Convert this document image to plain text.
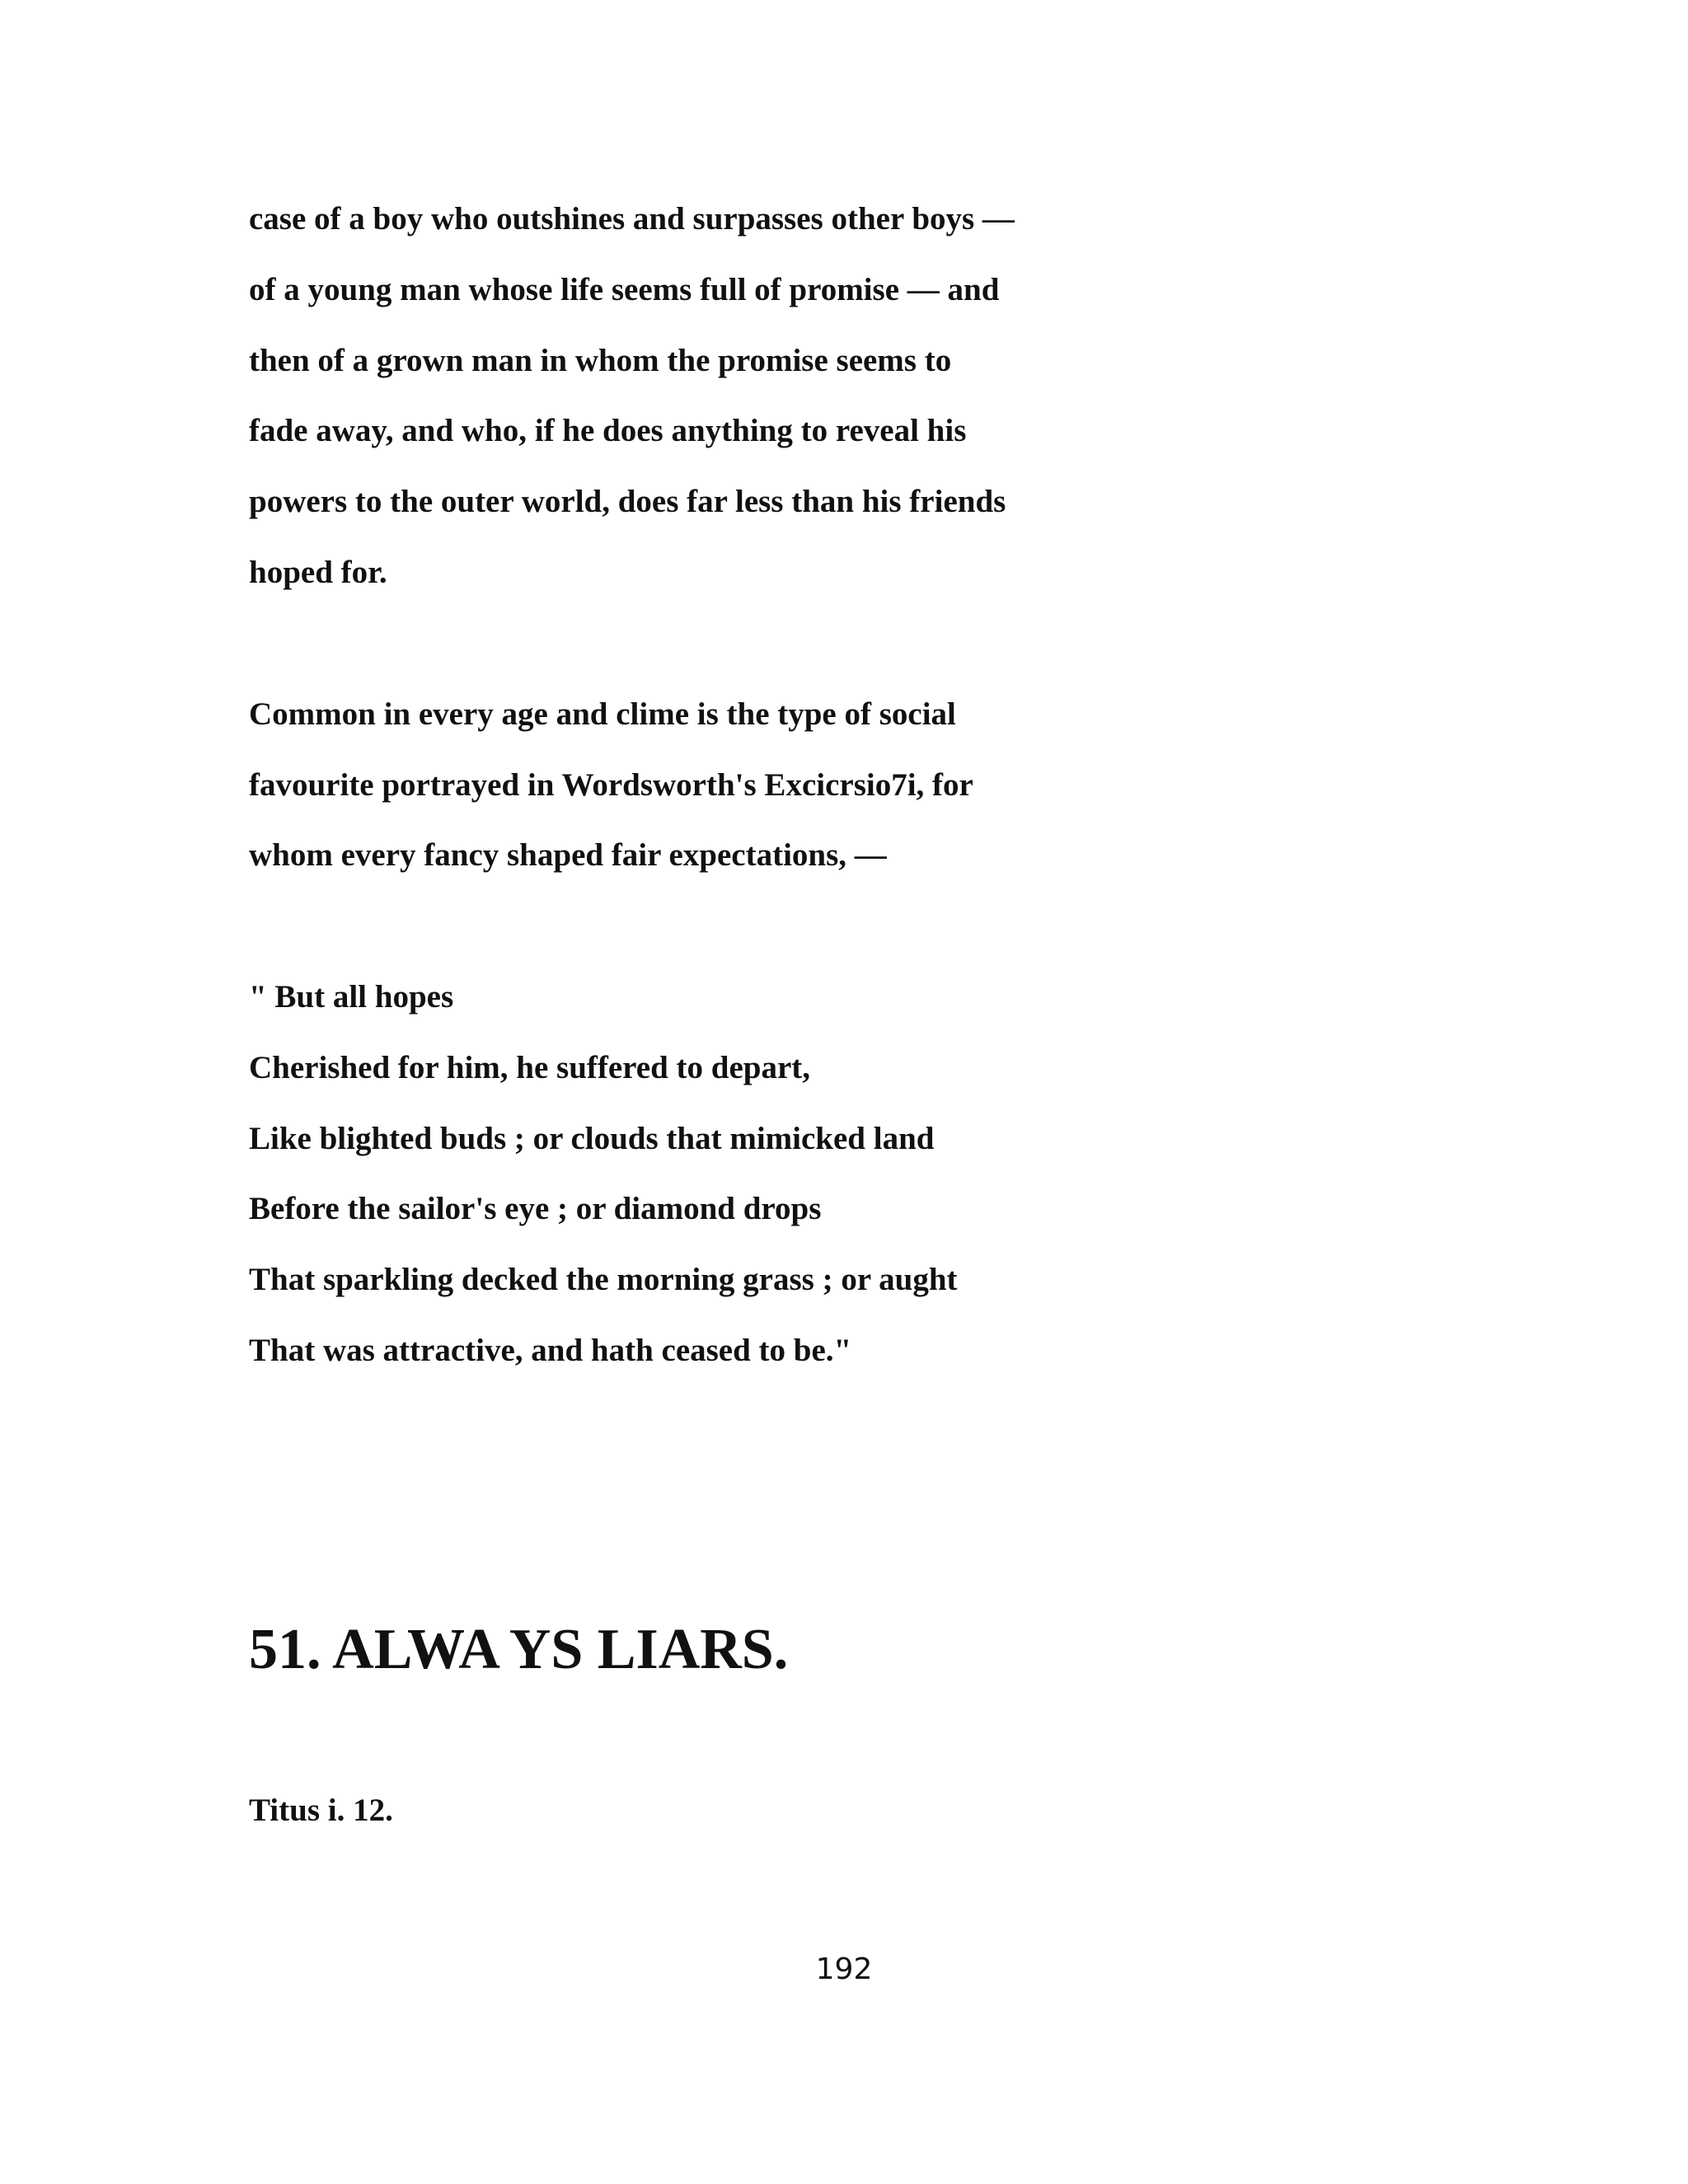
case of a boy who outshines and surpasses other boys —

of a young man whose life seems full of promise — and

then of a grown man in whom the promise seems to

fade away, and who, if he does anything to reveal his

powers to the outer world, does far less than his friends

hoped for.

Common in every age and clime is the type of social

favourite portrayed in Wordsworth's Excicrsio7i, for

whom every fancy shaped fair expectations, —

" But all hopes

Cherished for him, he suffered to depart,

Like blighted buds ; or clouds that mimicked land

Before the sailor's eye ; or diamond drops

That sparkling decked the morning grass ; or aught

That was attractive, and hath ceased to be."

51. ALWA YS LIARS.

Titus i. 12.

192
